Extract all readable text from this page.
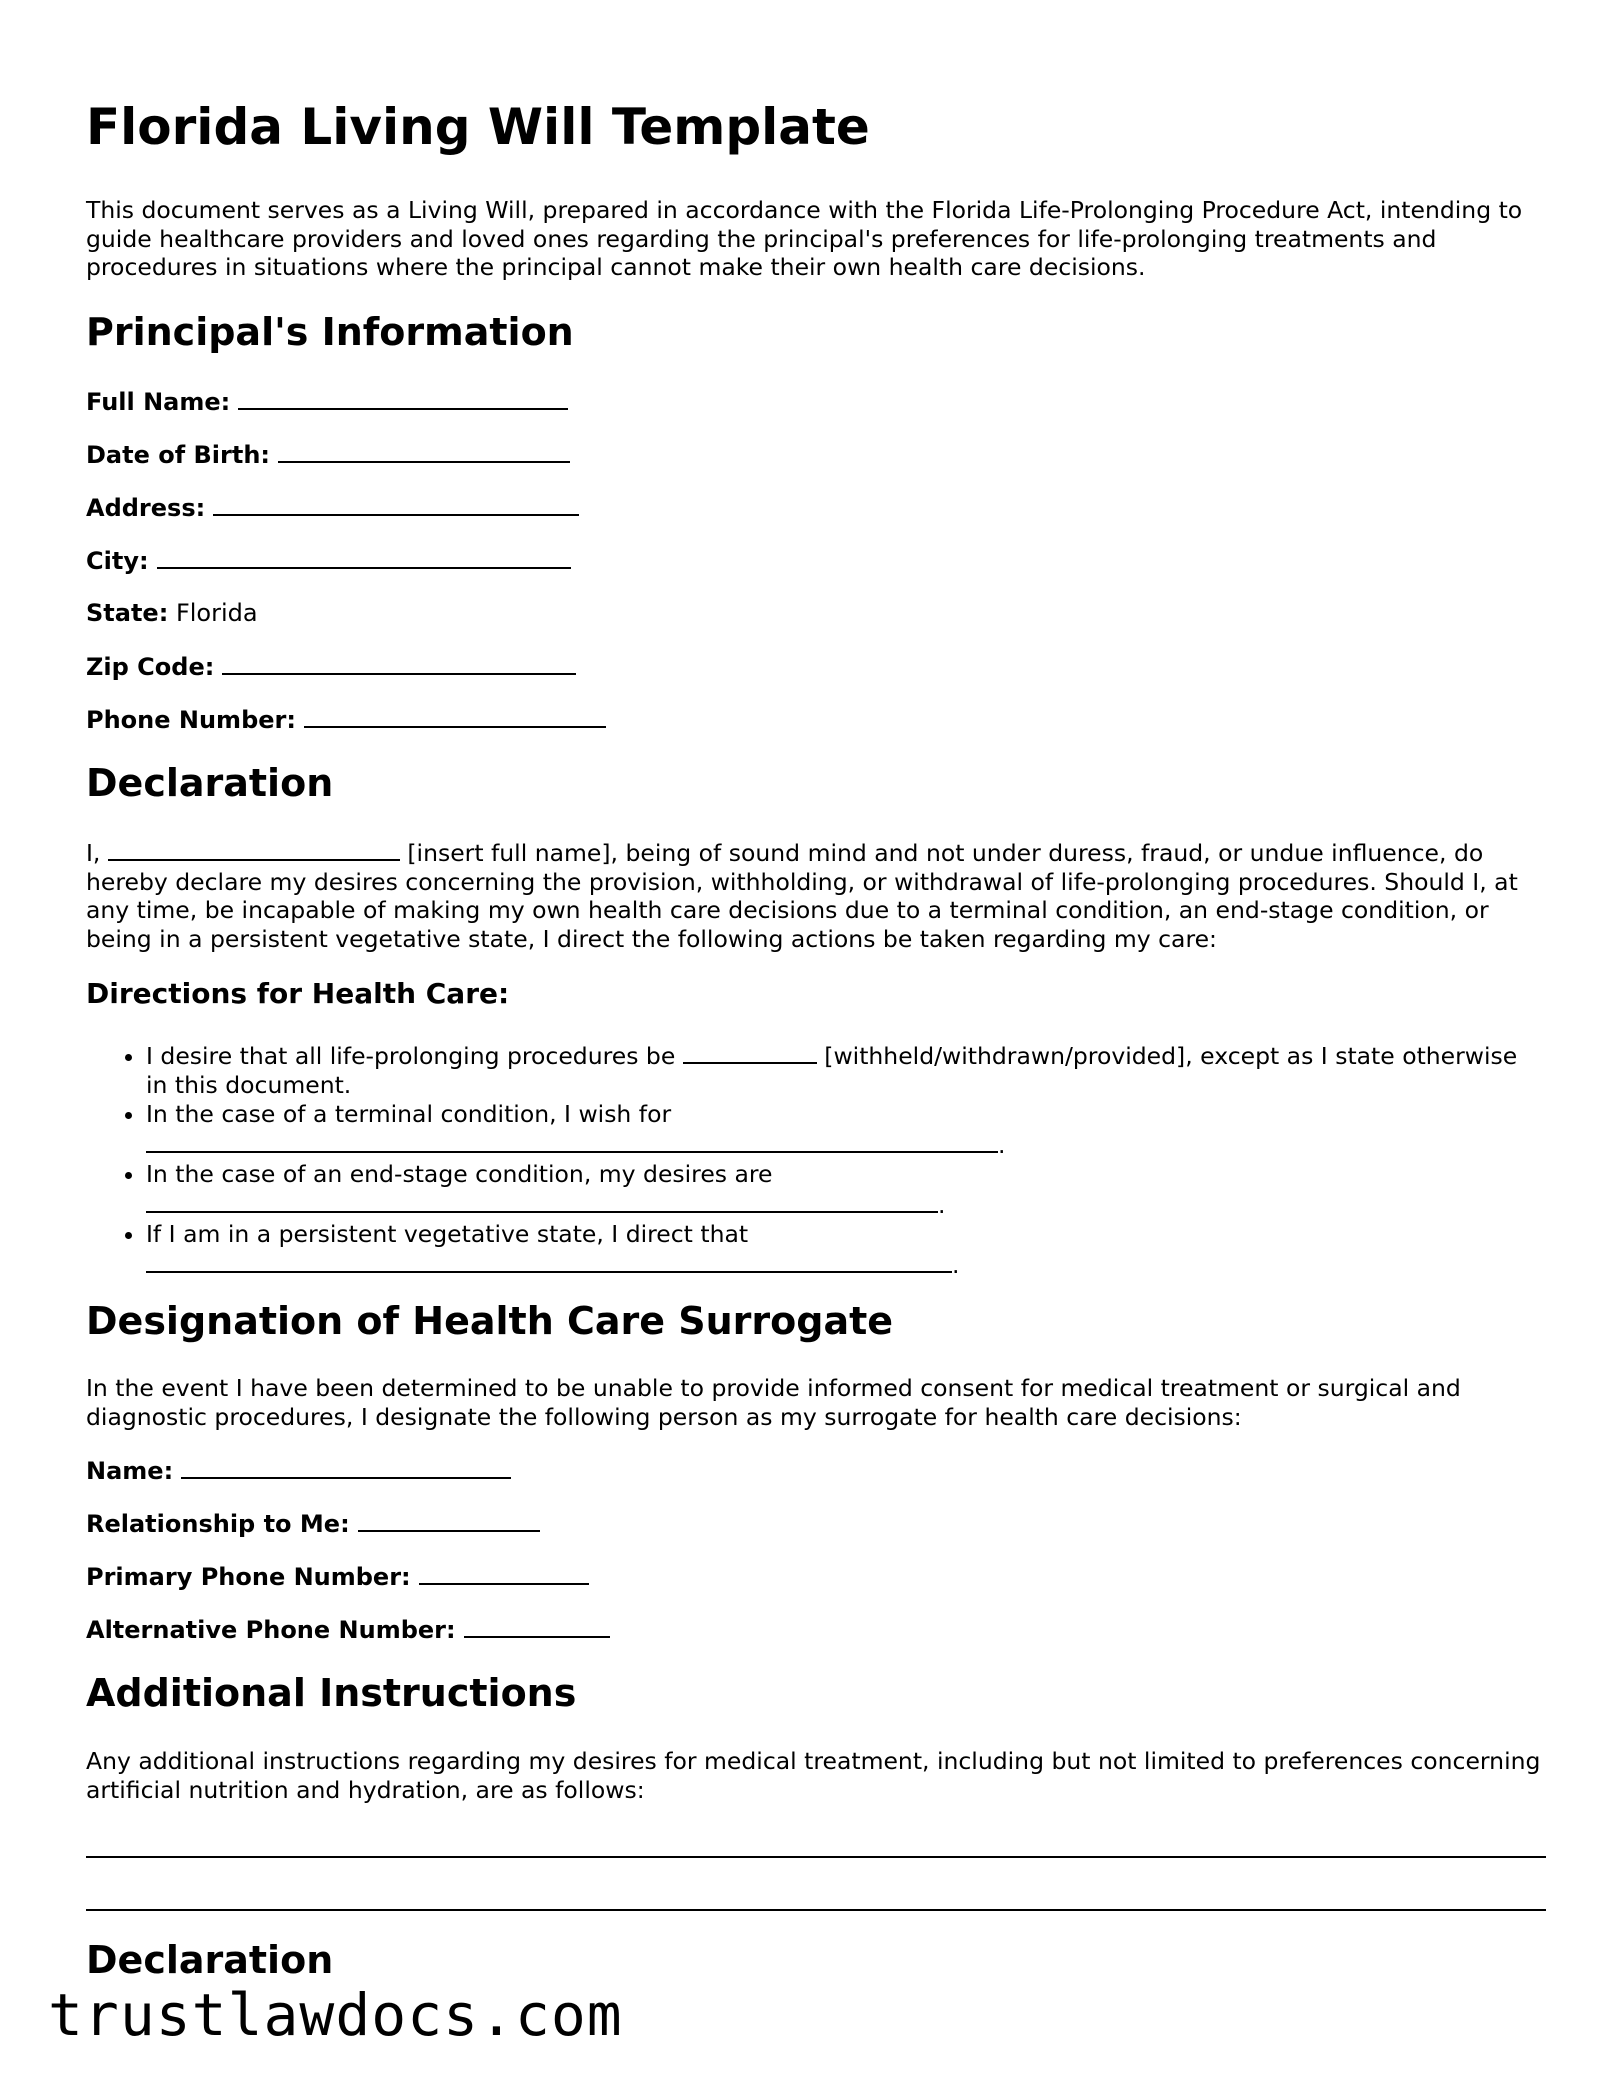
Florida Living Will Template

This document serves as a Living Will, prepared in accordance with the Florida Life-Prolonging Procedure Act, intending to guide healthcare providers and loved ones regarding the principal's preferences for life-prolonging treatments and procedures in situations where the principal cannot make their own health care decisions.

Principal's Information
Full Name:
Date of Birth:
Address:
City:
State: Florida
Zip Code:
Phone Number:
Declaration

I,	[insert full name], being of sound mind and not under duress, fraud, or undue influence, do hereby declare my desires concerning the provision, withholding, or withdrawal of life-prolonging procedures. Should I, at any time, be incapable of making my own health care decisions due to a terminal condition, an end-stage condition, or being in a persistent vegetative state, I direct the following actions be taken regarding my care:

Directions for Health Care:
• I desire that all life-prolonging procedures be	[withheld/withdrawn/provided], except as I state otherwise in this document.
• In the case of a terminal condition, I wish for
.
• In the case of an end-stage condition, my desires are
.
• If I am in a persistent vegetative state, I direct that
.
Designation of Health Care Surrogate

In the event I have been determined to be unable to provide informed consent for medical treatment or surgical and diagnostic procedures, I designate the following person as my surrogate for health care decisions:

Name:
Relationship to Me:
Primary Phone Number:
Alternative Phone Number:
Additional Instructions

Any additional instructions regarding my desires for medical treatment, including but not limited to preferences concerning artificial nutrition and hydration, are as follows:

Declaration
trustlawdocs.com
